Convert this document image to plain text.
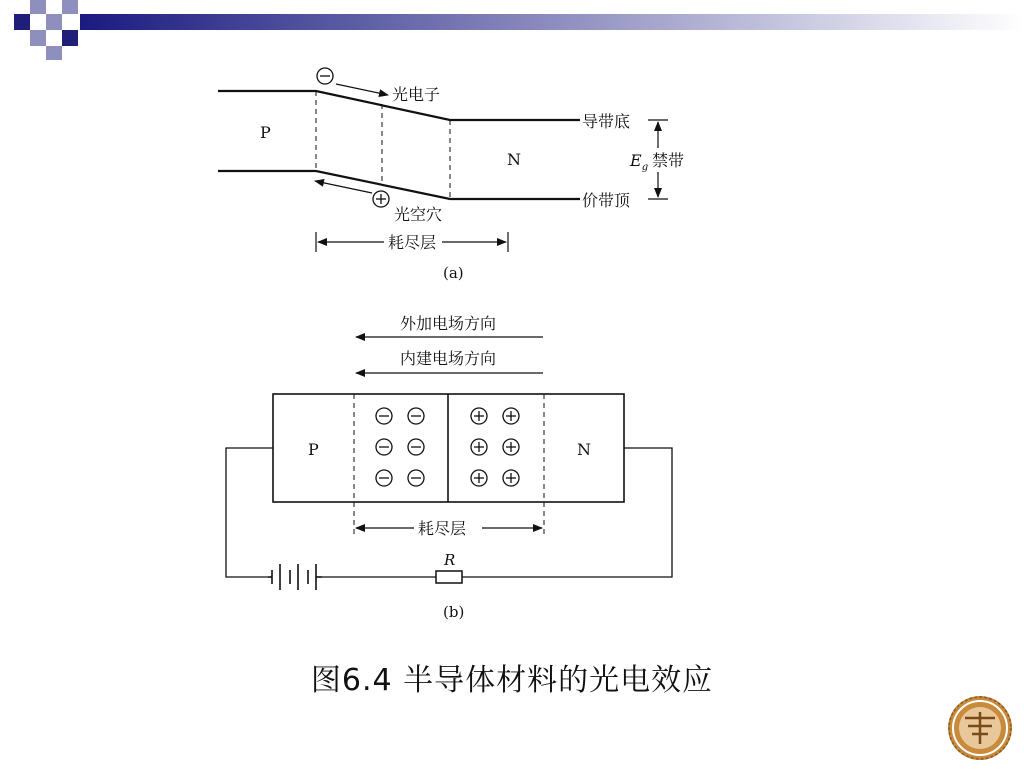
P
N
光电子
光空穴
导带底
价带顶
$E_g$ 禁带
耗尽层
(a)
外加电场方向
内建电场方向
P	N
耗尽层
R
(b)
图6.4 半导体材料的光电效应
